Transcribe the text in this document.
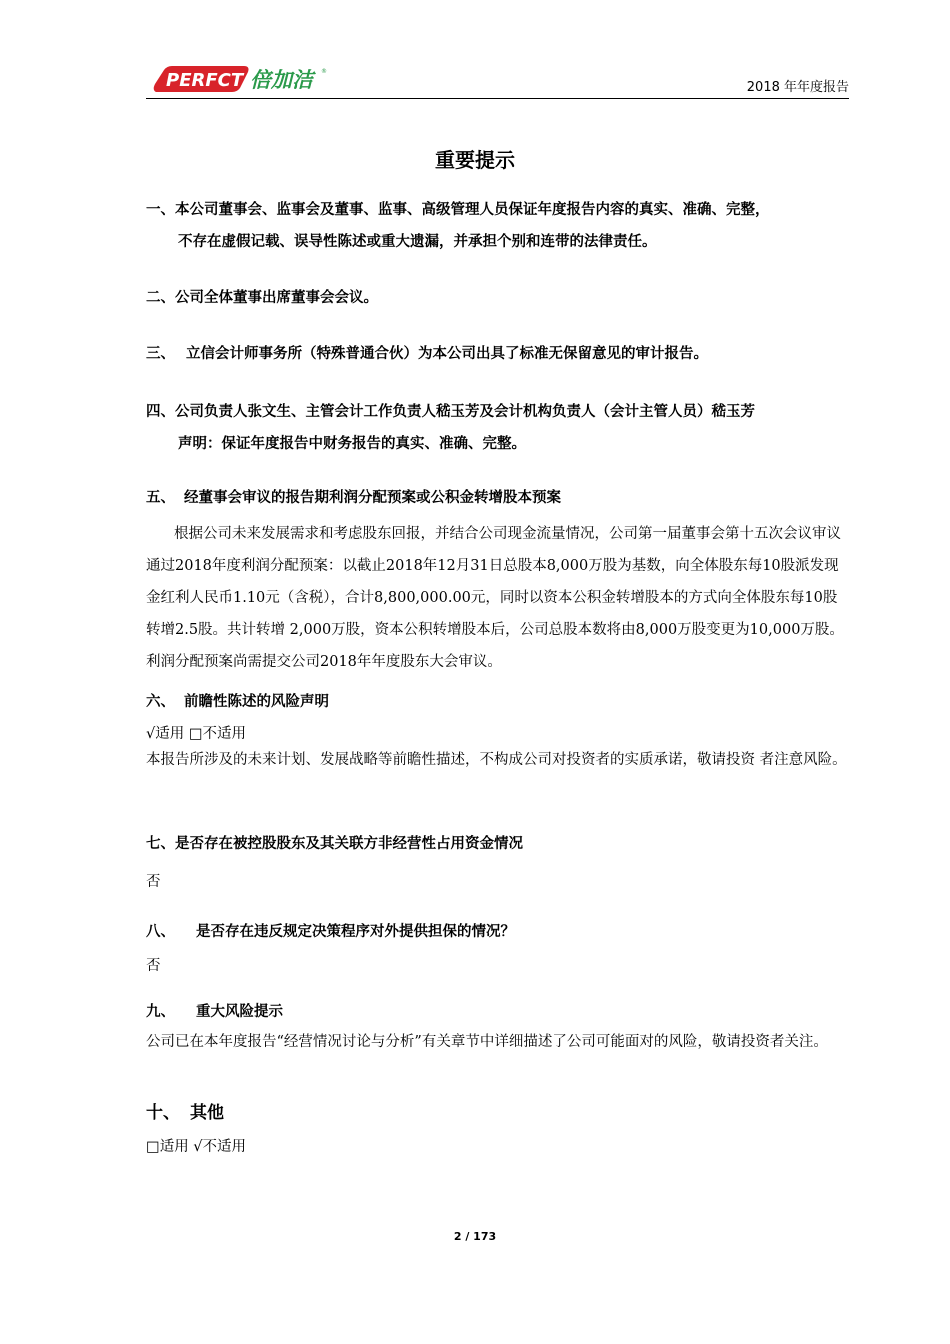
PERFCT 倍加洁	®
2018 年年度报告
重要提示
一、本公司董事会、监事会及董事、监事、高级管理人员保证年度报告内容的真实、准确、完整，
不存在虚假记载、误导性陈述或重大遗漏，并承担个别和连带的法律责任。
二、公司全体董事出席董事会会议。
三、 立信会计师事务所（特殊普通合伙）为本公司出具了标准无保留意见的审计报告。
四、公司负责人张文生、主管会计工作负责人嵇玉芳及会计机构负责人（会计主管人员）嵇玉芳
声明：保证年度报告中财务报告的真实、准确、完整。
五、 经董事会审议的报告期利润分配预案或公积金转增股本预案
根据公司未来发展需求和考虑股东回报，并结合公司现金流量情况，公司第一届董事会第十五次会议审议通过2018年度利润分配预案：以截止2018年12月31日总股本8,000万股为基数，向全体股东每10股派发现金红利人民币1.10元（含税），合计8,800,000.00元，同时以资本公积金转增股本的方式向全体股东每10股转增2.5股。共计转增 2,000万股，资本公积转增股本后，公司总股本数将由8,000万股变更为10,000万股。利润分配预案尚需提交公司2018年年度股东大会审议。
六、 前瞻性陈述的风险声明
√适用 □不适用
本报告所涉及的未来计划、发展战略等前瞻性描述，不构成公司对投资者的实质承诺，敬请投资 者注意风险。
七、是否存在被控股股东及其关联方非经营性占用资金情况
否
八、 是否存在违反规定决策程序对外提供担保的情况？
否
九、 重大风险提示
公司已在本年度报告“经营情况讨论与分析”有关章节中详细描述了公司可能面对的风险，敬请投资者关注。
十、 其他
□适用 √不适用
2 / 173
